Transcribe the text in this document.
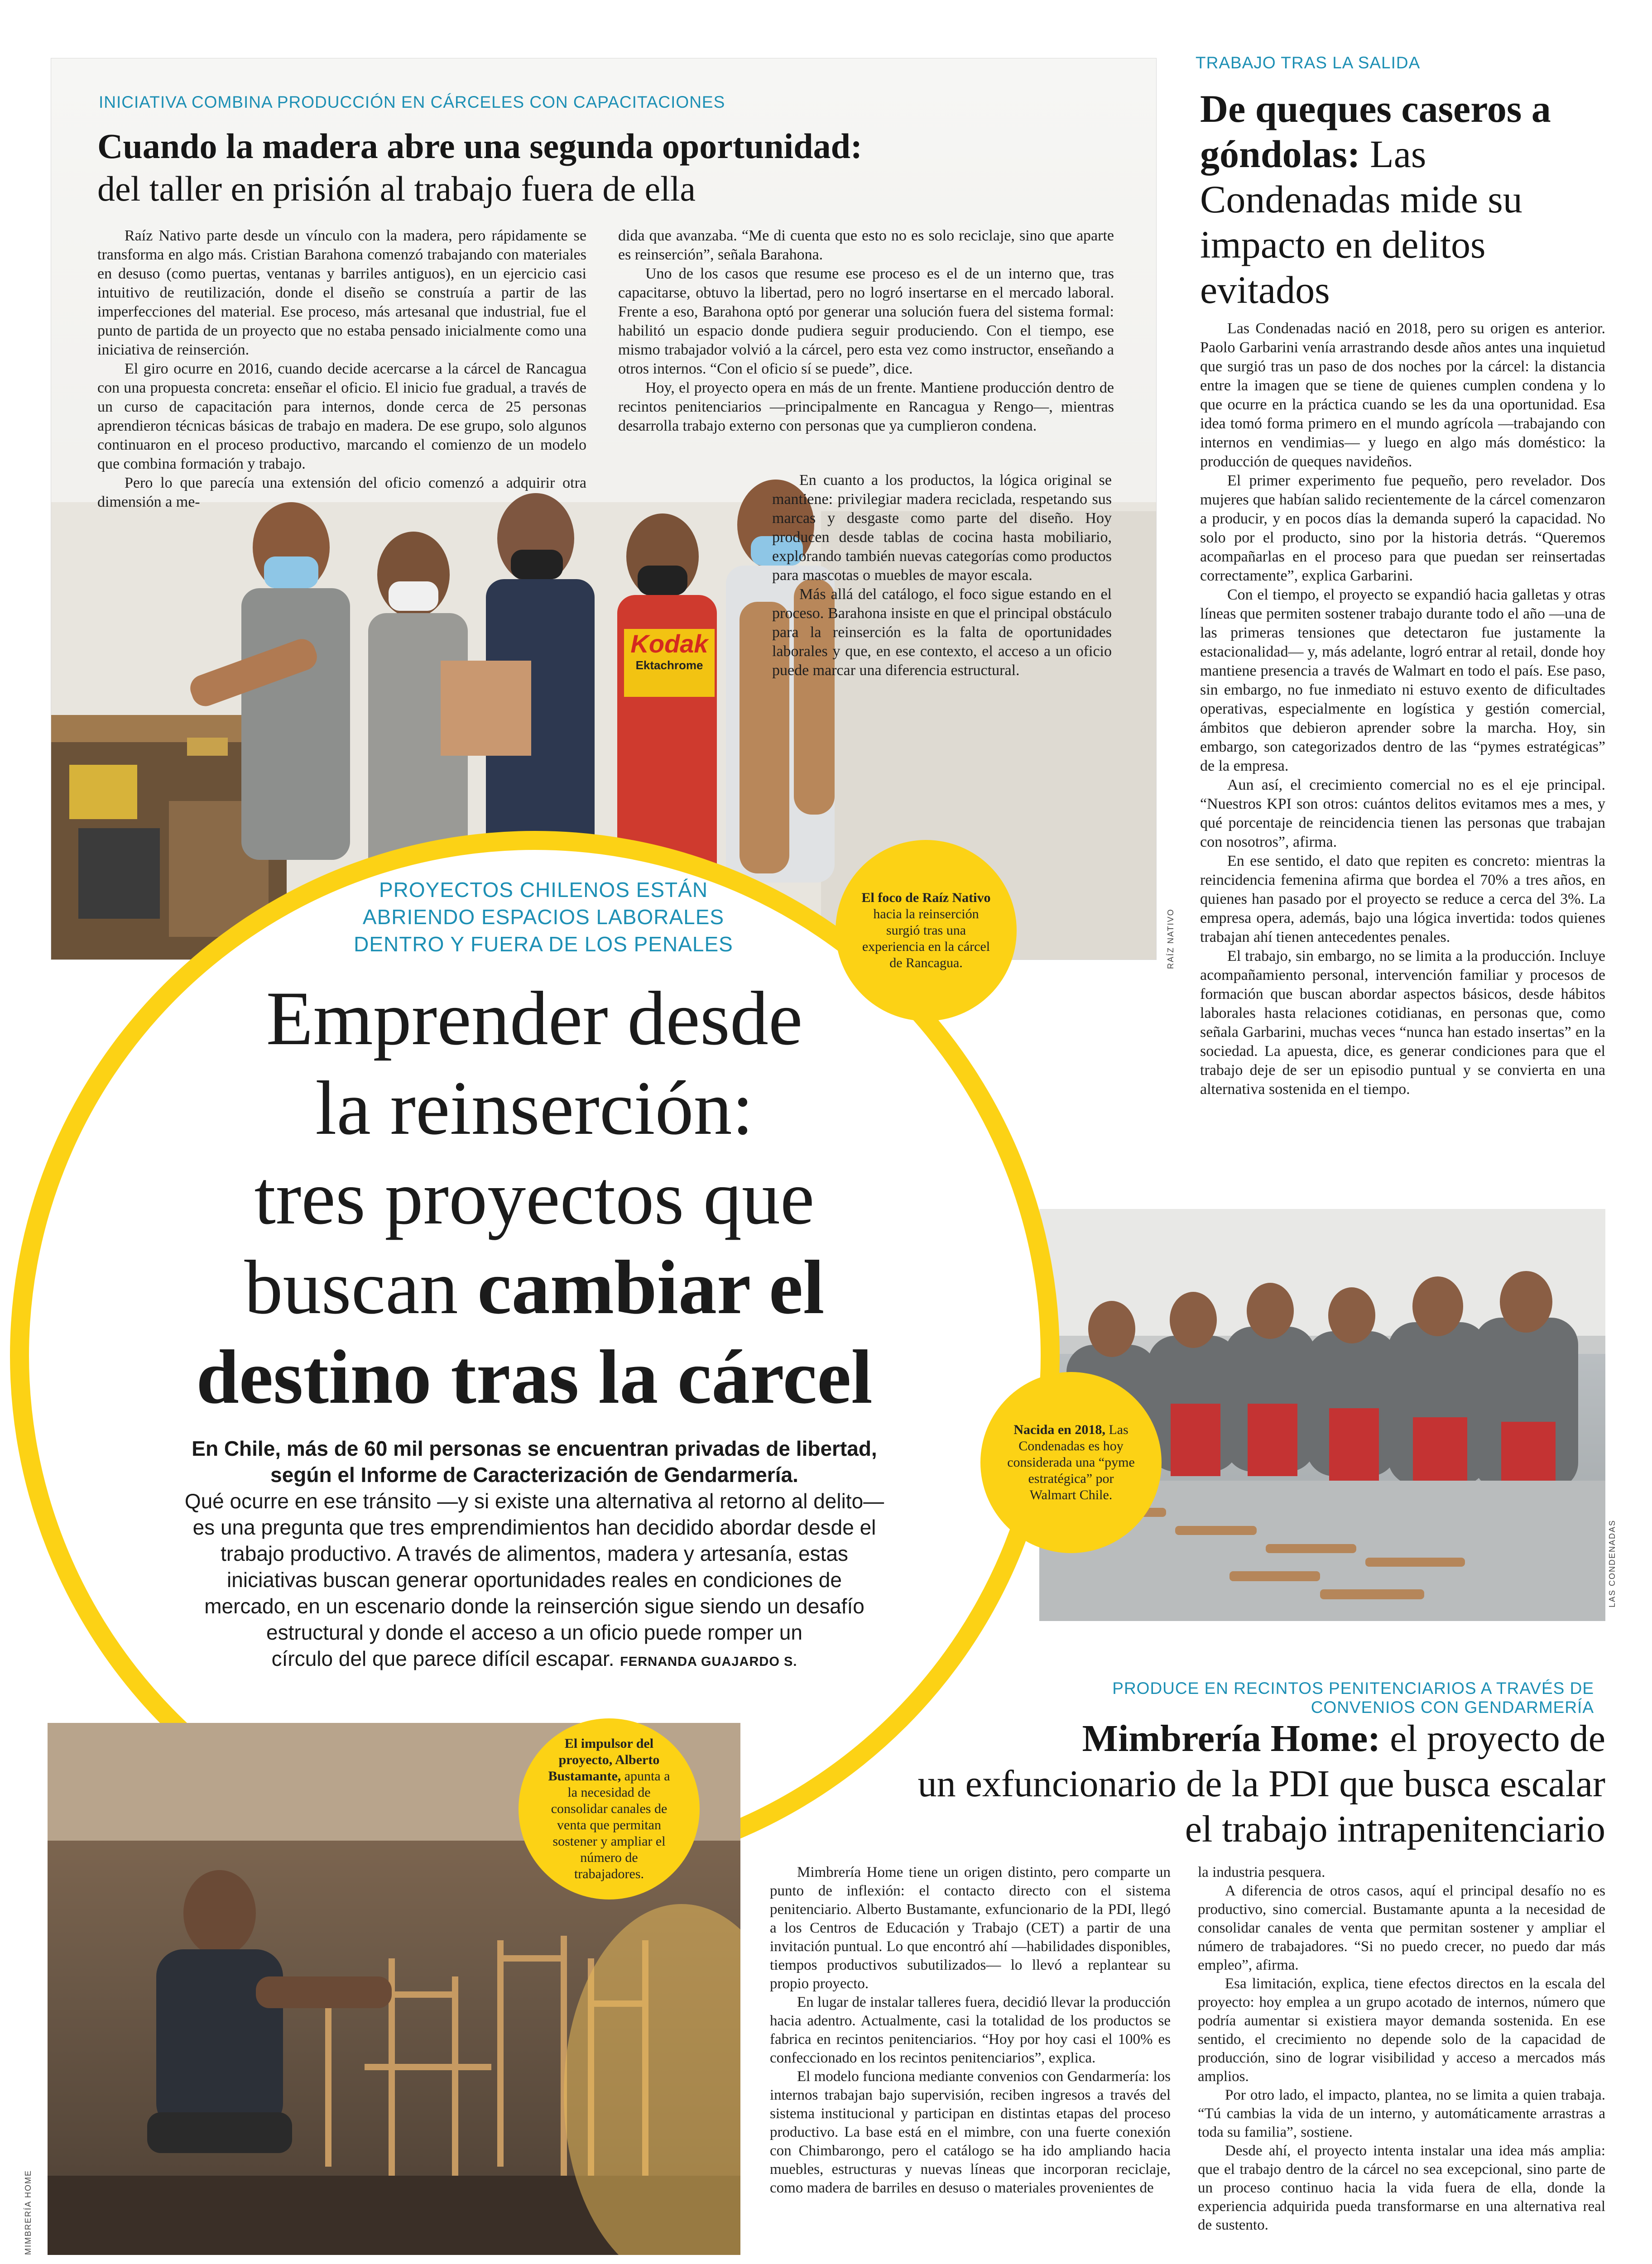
Kodak
Ektachrome
INICIATIVA COMBINA PRODUCCIÓN EN CÁRCELES CON CAPACITACIONES
Cuando la madera abre una segunda oportunidad:
del taller en prisión al trabajo fuera de ella

Raíz Nativo parte desde un vínculo con la madera, pero rápidamente se transforma en algo más. Cristian Barahona comenzó trabajando con materiales en desuso (como puertas, ventanas y barriles antiguos), en un ejercicio casi intuitivo de reutilización, donde el diseño se construía a partir de las imperfecciones del material. Ese proceso, más artesanal que industrial, fue el punto de partida de un proyecto que no estaba pensado inicialmente como una iniciativa de reinserción.

El giro ocurre en 2016, cuando decide acercarse a la cárcel de Rancagua con una propuesta concreta: enseñar el oficio. El inicio fue gradual, a través de un curso de capacitación para internos, donde cerca de 25 personas aprendieron técnicas básicas de trabajo en madera. De ese grupo, solo algunos continuaron en el proceso productivo, marcando el comienzo de un modelo que combina formación y trabajo.

Pero lo que parecía una extensión del oficio comenzó a adquirir otra dimensión a me-

dida que avanzaba. “Me di cuenta que esto no es solo reciclaje, sino que aparte es reinserción”, señala Barahona.

Uno de los casos que resume ese proceso es el de un interno que, tras capacitarse, obtuvo la libertad, pero no logró insertarse en el mercado laboral. Frente a eso, Barahona optó por generar una solución fuera del sistema formal: habilitó un espacio donde pudiera seguir produciendo. Con el tiempo, ese mismo trabajador volvió a la cárcel, pero esta vez como instructor, enseñando a otros internos. “Con el oficio sí se puede”, dice.

Hoy, el proyecto opera en más de un frente. Mantiene producción dentro de recintos penitenciarios —principalmente en Rancagua y Rengo—, mientras desarrolla trabajo externo con personas que ya cumplieron condena.

En cuanto a los productos, la lógica original se mantiene: privilegiar madera reciclada, respetando sus marcas y desgaste como parte del diseño. Hoy producen desde tablas de cocina hasta mobiliario, explorando también nuevas categorías como productos para mascotas o muebles de mayor escala.

Más allá del catálogo, el foco sigue estando en el proceso. Barahona insiste en que el principal obstáculo para la reinserción es la falta de oportunidades laborales y que, en ese contexto, el acceso a un oficio puede marcar una diferencia estructural.

RAÍZ NATIVO
TRABAJO TRAS LA SALIDA
De queques caseros a góndolas: Las Condenadas mide su impacto en delitos evitados

Las Condenadas nació en 2018, pero su origen es anterior. Paolo Garbarini venía arrastrando desde años antes una inquietud que surgió tras un paso de dos noches por la cárcel: la distancia entre la imagen que se tiene de quienes cumplen condena y lo que ocurre en la práctica cuando se les da una oportunidad. Esa idea tomó forma primero en el mundo agrícola —trabajando con internos en vendimias— y luego en algo más doméstico: la producción de queques navideños.

El primer experimento fue pequeño, pero revelador. Dos mujeres que habían salido recientemente de la cárcel comenzaron a producir, y en pocos días la demanda superó la capacidad. No solo por el producto, sino por la historia detrás. “Queremos acompañarlas en el proceso para que puedan ser reinsertadas correctamente”, explica Garbarini.

Con el tiempo, el proyecto se expandió hacia galletas y otras líneas que permiten sostener trabajo durante todo el año —una de las primeras tensiones que detectaron fue justamente la estacionalidad— y, más adelante, logró entrar al retail, donde hoy mantiene presencia a través de Walmart en todo el país. Ese paso, sin embargo, no fue inmediato ni estuvo exento de dificultades operativas, especialmente en logística y gestión comercial, ámbitos que debieron aprender sobre la marcha. Hoy, sin embargo, son categorizados dentro de las “pymes estratégicas” de la empresa.

Aun así, el crecimiento comercial no es el eje principal. “Nuestros KPI son otros: cuántos delitos evitamos mes a mes, y qué porcentaje de reincidencia tienen las personas que trabajan con nosotros”, afirma.

En ese sentido, el dato que repiten es concreto: mientras la reincidencia femenina afirma que bordea el 70% a tres años, en quienes han pasado por el proyecto se reduce a cerca del 3%. La empresa opera, además, bajo una lógica invertida: todos quienes trabajan ahí tienen antecedentes penales.

El trabajo, sin embargo, no se limita a la producción. Incluye acompañamiento personal, intervención familiar y procesos de formación que buscan abordar aspectos básicos, desde hábitos laborales hasta relaciones cotidianas, en personas que, como señala Garbarini, muchas veces “nunca han estado insertas” en la sociedad. La apuesta, dice, es generar condiciones para que el trabajo deje de ser un episodio puntual y se convierta en una alternativa sostenida en el tiempo.

LAS CONDENADAS
PROYECTOS CHILENOS ESTÁN
ABRIENDO ESPACIOS LABORALES
DENTRO Y FUERA DE LOS PENALES
Emprender desde
la reinserción:
tres proyectos que
buscan cambiar el
destino tras la cárcel
En Chile, más de 60 mil personas se encuentran privadas de libertad,
según el Informe de Caracterización de Gendarmería.
Qué ocurre en ese tránsito —y si existe una alternativa al retorno al delito—
es una pregunta que tres emprendimientos han decidido abordar desde el
trabajo productivo. A través de alimentos, madera y artesanía, estas
iniciativas buscan generar oportunidades reales en condiciones de
mercado, en un escenario donde la reinserción sigue siendo un desafío
estructural y donde el acceso a un oficio puede romper un
círculo del que parece difícil escapar. FERNANDA GUAJARDO S.
El foco de Raíz Nativo hacia la reinserción surgió tras una experiencia en la cárcel de Rancagua.
Nacida en 2018, Las Condenadas es hoy considerada una “pyme estratégica” por Walmart Chile.
MIMBRERÍA HOME
El impulsor del proyecto, Alberto Bustamante, apunta a la necesidad de consolidar canales de venta que permitan sostener y ampliar el número de trabajadores.
PRODUCE EN RECINTOS PENITENCIARIOS A TRAVÉS DE
CONVENIOS CON GENDARMERÍA
Mimbrería Home: el proyecto de
un exfuncionario de la PDI que busca escalar
el trabajo intrapenitenciario

Mimbrería Home tiene un origen distinto, pero comparte un punto de inflexión: el contacto directo con el sistema penitenciario. Alberto Bustamante, exfuncionario de la PDI, llegó a los Centros de Educación y Trabajo (CET) a partir de una invitación puntual. Lo que encontró ahí —habilidades disponibles, tiempos productivos subutilizados— lo llevó a replantear su propio proyecto.

En lugar de instalar talleres fuera, decidió llevar la producción hacia adentro. Actualmente, casi la totalidad de los productos se fabrica en recintos penitenciarios. “Hoy por hoy casi el 100% es confeccionado en los recintos penitenciarios”, explica.

El modelo funciona mediante convenios con Gendarmería: los internos trabajan bajo supervisión, reciben ingresos a través del sistema institucional y participan en distintas etapas del proceso productivo. La base está en el mimbre, con una fuerte conexión con Chimbarongo, pero el catálogo se ha ido ampliando hacia muebles, estructuras y nuevas líneas que incorporan reciclaje, como madera de barriles en desuso o materiales provenientes de

la industria pesquera.

A diferencia de otros casos, aquí el principal desafío no es productivo, sino comercial. Bustamante apunta a la necesidad de consolidar canales de venta que permitan sostener y ampliar el número de trabajadores. “Si no puedo crecer, no puedo dar más empleo”, afirma.

Esa limitación, explica, tiene efectos directos en la escala del proyecto: hoy emplea a un grupo acotado de internos, número que podría aumentar si existiera mayor demanda sostenida. En ese sentido, el crecimiento no depende solo de la capacidad de producción, sino de lograr visibilidad y acceso a mercados más amplios.

Por otro lado, el impacto, plantea, no se limita a quien trabaja. “Tú cambias la vida de un interno, y automáticamente arrastras a toda su familia”, sostiene.

Desde ahí, el proyecto intenta instalar una idea más amplia: que el trabajo dentro de la cárcel no sea excepcional, sino parte de un proceso continuo hacia la vida fuera de ella, donde la experiencia adquirida pueda transformarse en una alternativa real de sustento.
